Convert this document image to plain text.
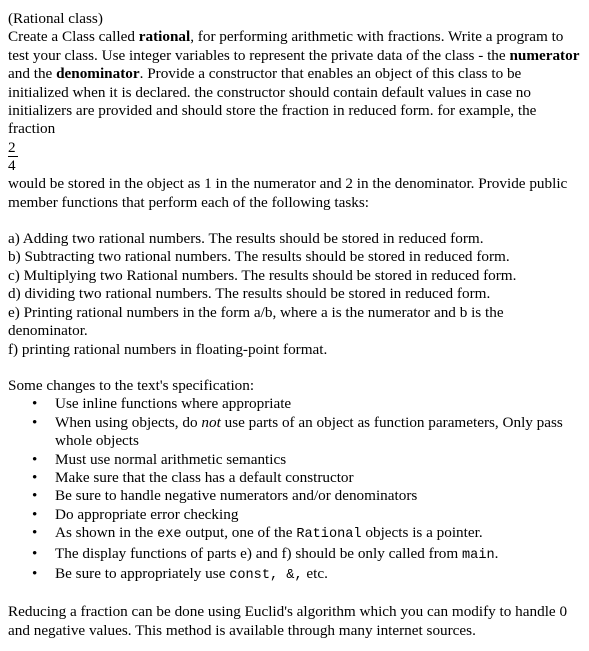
(Rational class)

Create a Class called rational, for performing arithmetic with fractions. Write a program to test your class. Use integer variables to represent the private data of the class - the numerator and the denominator. Provide a constructor that enables an object of this class to be initialized when it is declared. the constructor should contain default values in case no initializers are provided and should store the fraction in reduced form. for example, the fraction

$\frac{2}{4}$

would be stored in the object as 1 in the numerator and 2 in the denominator. Provide public member functions that perform each of the following tasks:

a) Adding two rational numbers. The results should be stored in reduced form.

b) Subtracting two rational numbers. The results should be stored in reduced form.

c) Multiplying two Rational numbers. The results should be stored in reduced form.

d) dividing two rational numbers. The results should be stored in reduced form.

e) Printing rational numbers in the form a/b, where a is the numerator and b is the denominator.

f) printing rational numbers in floating-point format.

Some changes to the text's specification:

• Use inline functions where appropriate
• When using objects, do not use parts of an object as function parameters, Only pass whole objects
• Must use normal arithmetic semantics
• Make sure that the class has a default constructor
• Be sure to handle negative numerators and/or denominators
• Do appropriate error checking
• As shown in the exe output, one of the Rational objects is a pointer.
• The display functions of parts e) and f) should be only called from main.
• Be sure to appropriately use const, &, etc.

Reducing a fraction can be done using Euclid's algorithm which you can modify to handle 0 and negative values. This method is available through many internet sources.
